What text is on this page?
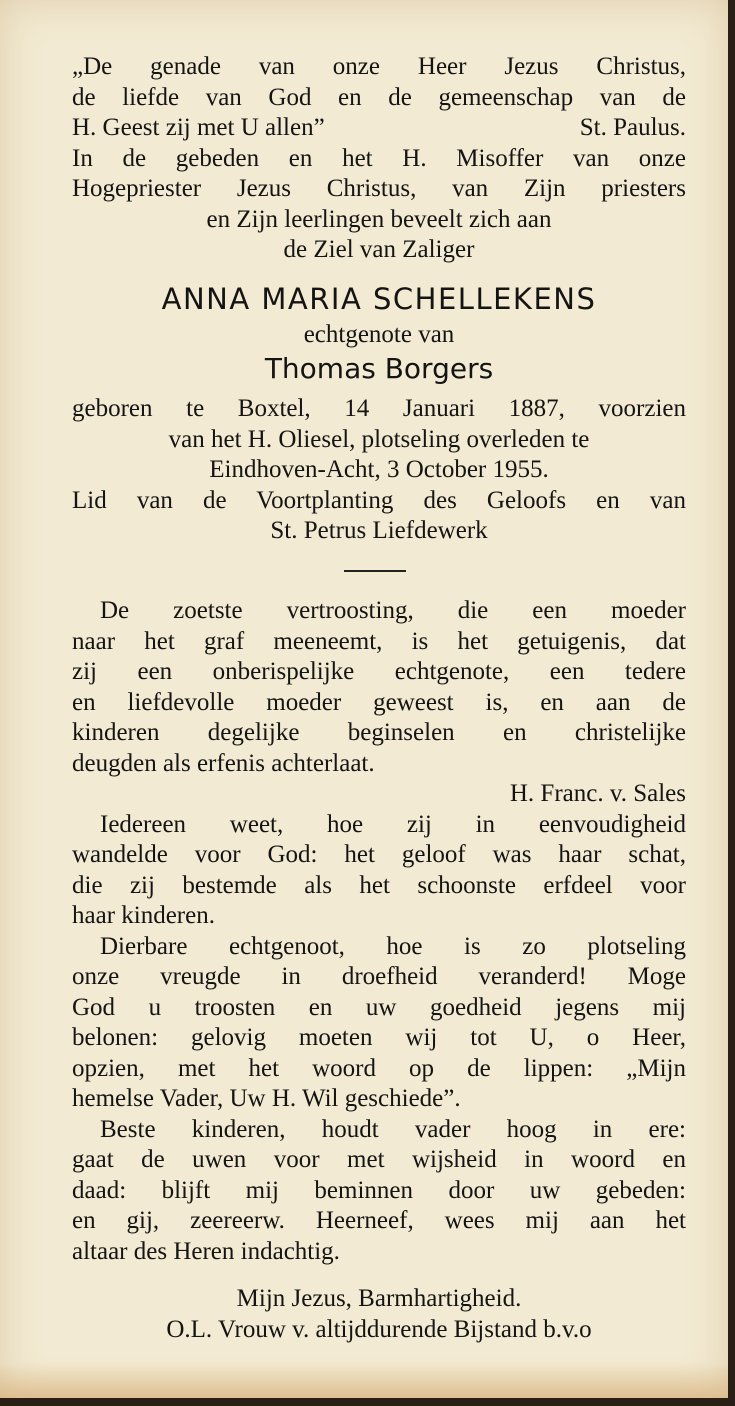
„De genade van onze Heer Jezus Christus,
de liefde van God en de gemeenschap van de
H. Geest zij met U allen”	St. Paulus.
In de gebeden en het H. Misoffer van onze
Hogepriester Jezus Christus, van Zijn priesters
en Zijn leerlingen beveelt zich aan
de Ziel van Zaliger
ANNA MARIA SCHELLEKENS
echtgenote van
Thomas Borgers
geboren te Boxtel, 14 Januari 1887, voorzien
van het H. Oliesel, plotseling overleden te
Eindhoven-Acht, 3 October 1955.
Lid van de Voortplanting des Geloofs en van
St. Petrus Liefdewerk
De zoetste vertroosting, die een moeder
naar het graf meeneemt, is het getuigenis, dat
zij een onberispelijke echtgenote, een tedere
en liefdevolle moeder geweest is, en aan de
kinderen degelijke beginselen en christelijke
deugden als erfenis achterlaat.
H. Franc. v. Sales
Iedereen weet, hoe zij in eenvoudigheid
wandelde voor God: het geloof was haar schat,
die zij bestemde als het schoonste erfdeel voor
haar kinderen.
Dierbare echtgenoot, hoe is zo plotseling
onze vreugde in droefheid veranderd! Moge
God u troosten en uw goedheid jegens mij
belonen: gelovig moeten wij tot U, o Heer,
opzien, met het woord op de lippen: „Mijn
hemelse Vader, Uw H. Wil geschiede”.
Beste kinderen, houdt vader hoog in ere:
gaat de uwen voor met wijsheid in woord en
daad: blijft mij beminnen door uw gebeden:
en gij, zeereerw. Heerneef, wees mij aan het
altaar des Heren indachtig.
Mijn Jezus, Barmhartigheid.
O.L. Vrouw v. altijddurende Bijstand b.v.o
